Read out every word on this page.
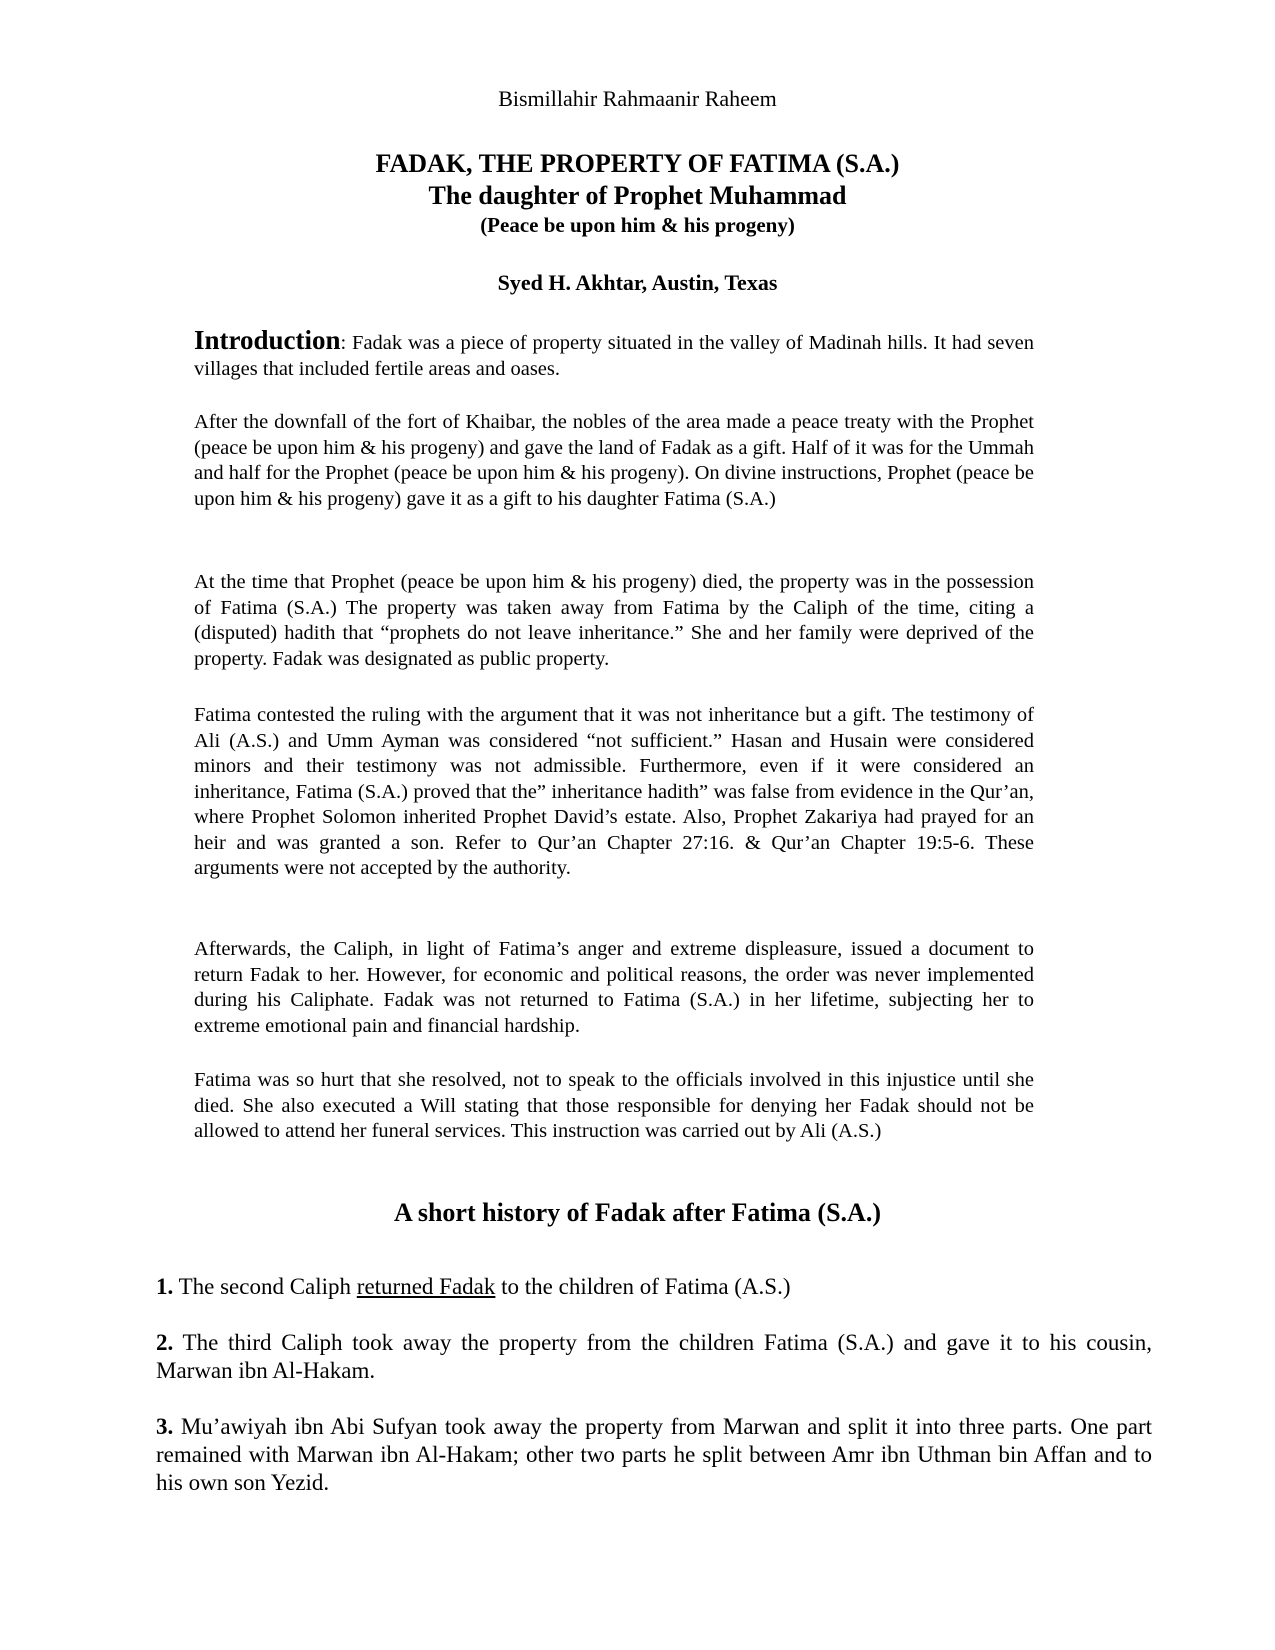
Bismillahir Rahmaanir Raheem
FADAK, THE PROPERTY OF FATIMA (S.A.)
The daughter of Prophet Muhammad
(Peace be upon him & his progeny)
Syed H. Akhtar, Austin, Texas
Introduction: Fadak was a piece of property situated in the valley of Madinah hills. It had seven villages that included fertile areas and oases.
After the downfall of the fort of Khaibar, the nobles of the area made a peace treaty with the Prophet (peace be upon him & his progeny) and gave the land of Fadak as a gift. Half of it was for the Ummah and half for the Prophet (peace be upon him & his progeny). On divine instructions, Prophet (peace be upon him & his progeny) gave it as a gift to his daughter Fatima (S.A.)
At the time that Prophet (peace be upon him & his progeny) died, the property was in the possession of Fatima (S.A.) The property was taken away from Fatima by the Caliph of the time, citing a (disputed) hadith that “prophets do not leave inheritance.” She and her family were deprived of the property. Fadak was designated as public property.
Fatima contested the ruling with the argument that it was not inheritance but a gift. The testimony of Ali (A.S.) and Umm Ayman was considered “not sufficient.” Hasan and Husain were considered minors and their testimony was not admissible. Furthermore, even if it were considered an inheritance, Fatima (S.A.) proved that the” inheritance hadith” was false from evidence in the Qur’an, where Prophet Solomon inherited Prophet David’s estate. Also, Prophet Zakariya had prayed for an heir and was granted a son. Refer to Qur’an Chapter 27:16. & Qur’an Chapter 19:5-6. These arguments were not accepted by the authority.
Afterwards, the Caliph, in light of Fatima’s anger and extreme displeasure, issued a document to return Fadak to her. However, for economic and political reasons, the order was never implemented during his Caliphate. Fadak was not returned to Fatima (S.A.) in her lifetime, subjecting her to extreme emotional pain and financial hardship.
Fatima was so hurt that she resolved, not to speak to the officials involved in this injustice until she died. She also executed a Will stating that those responsible for denying her Fadak should not be allowed to attend her funeral services. This instruction was carried out by Ali (A.S.)
A short history of Fadak after Fatima (S.A.)
1. The second Caliph returned Fadak to the children of Fatima (A.S.)
2. The third Caliph took away the property from the children Fatima (S.A.) and gave it to his cousin, Marwan ibn Al-Hakam.
3. Mu’awiyah ibn Abi Sufyan took away the property from Marwan and split it into three parts. One part remained with Marwan ibn Al-Hakam; other two parts he split between Amr ibn Uthman bin Affan and to his own son Yezid.
